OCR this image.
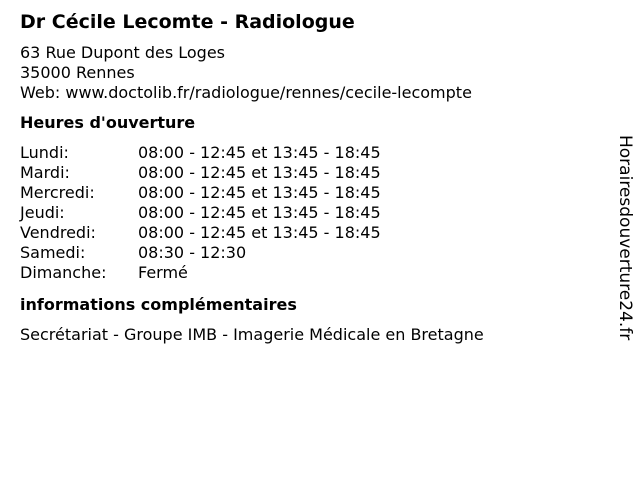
Dr Cécile Lecomte - Radiologue
63 Rue Dupont des Loges
35000 Rennes
Web: www.doctolib.fr/radiologue/rennes/cecile-lecompte
Heures d'ouverture
Lundi:	08:00 - 12:45 et 13:45 - 18:45
Mardi:	08:00 - 12:45 et 13:45 - 18:45
Mercredi:	08:00 - 12:45 et 13:45 - 18:45
Jeudi:	08:00 - 12:45 et 13:45 - 18:45
Vendredi:	08:00 - 12:45 et 13:45 - 18:45
Samedi:	08:30 - 12:30
Dimanche:	Fermé
informations complémentaires
Secrétariat - Groupe IMB - Imagerie Médicale en Bretagne	Horairesdouverture24.fr
